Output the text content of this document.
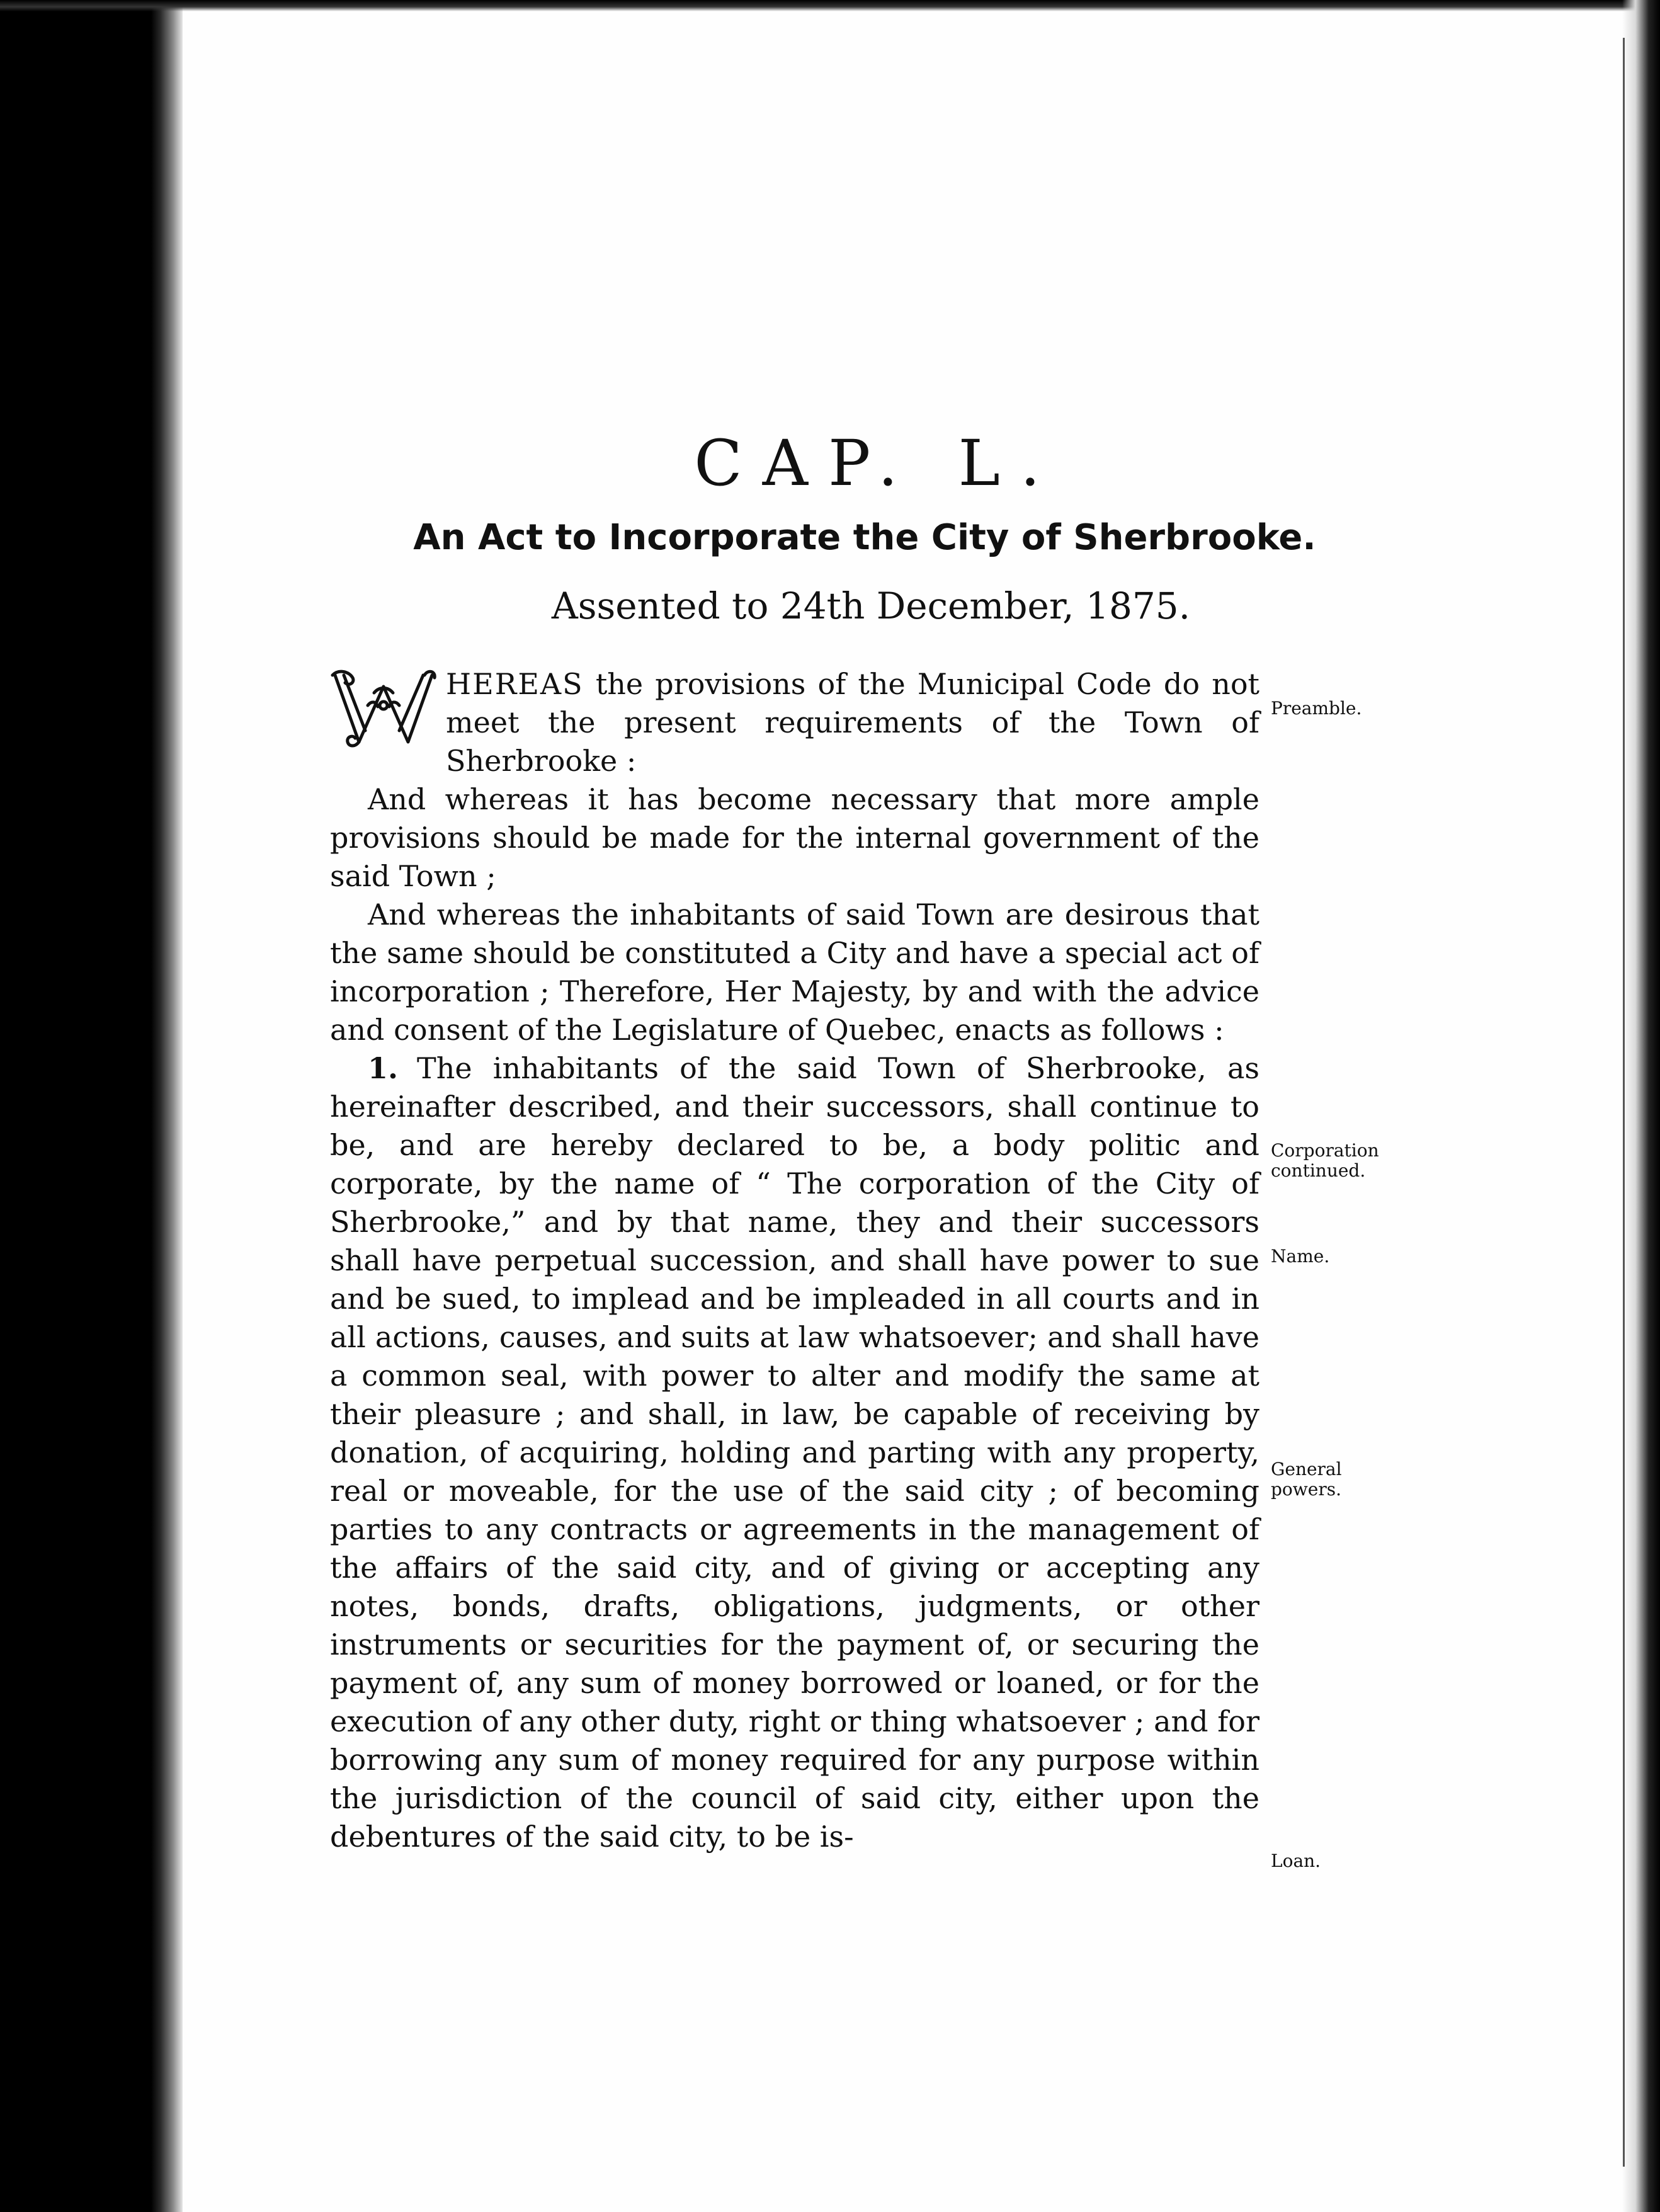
CAP. L.
An Act to Incorporate the City of Sherbrooke.
Assented to 24th December, 1875.

HEREAS the provisions of the Municipal Code do not meet the present requirements of the Town of Sherbrooke :

And whereas it has become necessary that more ample provisions should be made for the internal government of the said Town ;

And whereas the inhabitants of said Town are desirous that the same should be constituted a City and have a special act of incorporation ; Therefore, Her Majesty, by and with the advice and consent of the Legislature of Quebec, enacts as follows :

1. The inhabitants of the said Town of Sherbrooke, as hereinafter described, and their successors, shall continue to be, and are hereby declared to be, a body politic and corporate, by the name of “ The corporation of the City of Sherbrooke,” and by that name, they and their successors shall have perpetual succession, and shall have power to sue and be sued, to implead and be impleaded in all courts and in all actions, causes, and suits at law whatsoever; and shall have a common seal, with power to alter and modify the same at their pleasure ; and shall, in law, be capable of receiving by donation, of acquiring, holding and parting with any property, real or moveable, for the use of the said city ; of becoming parties to any contracts or agreements in the management of the affairs of the said city, and of giving or accepting any notes, bonds, drafts, obligations, judgments, or other instruments or securities for the payment of, or securing the payment of, any sum of money borrowed or loaned, or for the execution of any other duty, right or thing whatsoever ; and for borrowing any sum of money required for any purpose within the jurisdiction of the council of said city, either upon the debentures of the said city, to be is-

Preamble.
Corporation
continued.
Name.
General
powers.
Loan.
